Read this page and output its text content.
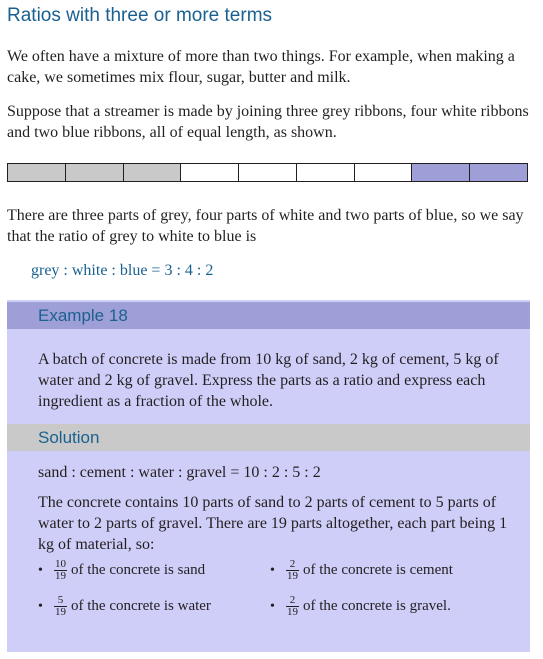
Ratios with three or more terms
We often have a mixture of more than two things. For example, when making a cake, we sometimes mix flour, sugar, butter and milk.
Suppose that a streamer is made by joining three grey ribbons, four white ribbons and two blue ribbons, all of equal length, as shown.
There are three parts of grey, four parts of white and two parts of blue, so we say that the ratio of grey to white to blue is
grey : white : blue = 3 : 4 : 2
Example 18
A batch of concrete is made from 10 kg of sand, 2 kg of cement, 5 kg of water and 2 kg of gravel. Express the parts as a ratio and express each ingredient as a fraction of the whole.
Solution
sand : cement : water : gravel = 10 : 2 : 5 : 2
The concrete contains 10 parts of sand to 2 parts of cement to 5 parts of water to 2 parts of gravel. There are 19 parts altogether, each part being 1 kg of material, so:
•	$\frac{10}{19}$ of the concrete is sand	•	$\frac{2}{19}$ of the concrete is cement
•	$\frac{5}{19}$ of the concrete is water	•	$\frac{2}{19}$ of the concrete is gravel.
